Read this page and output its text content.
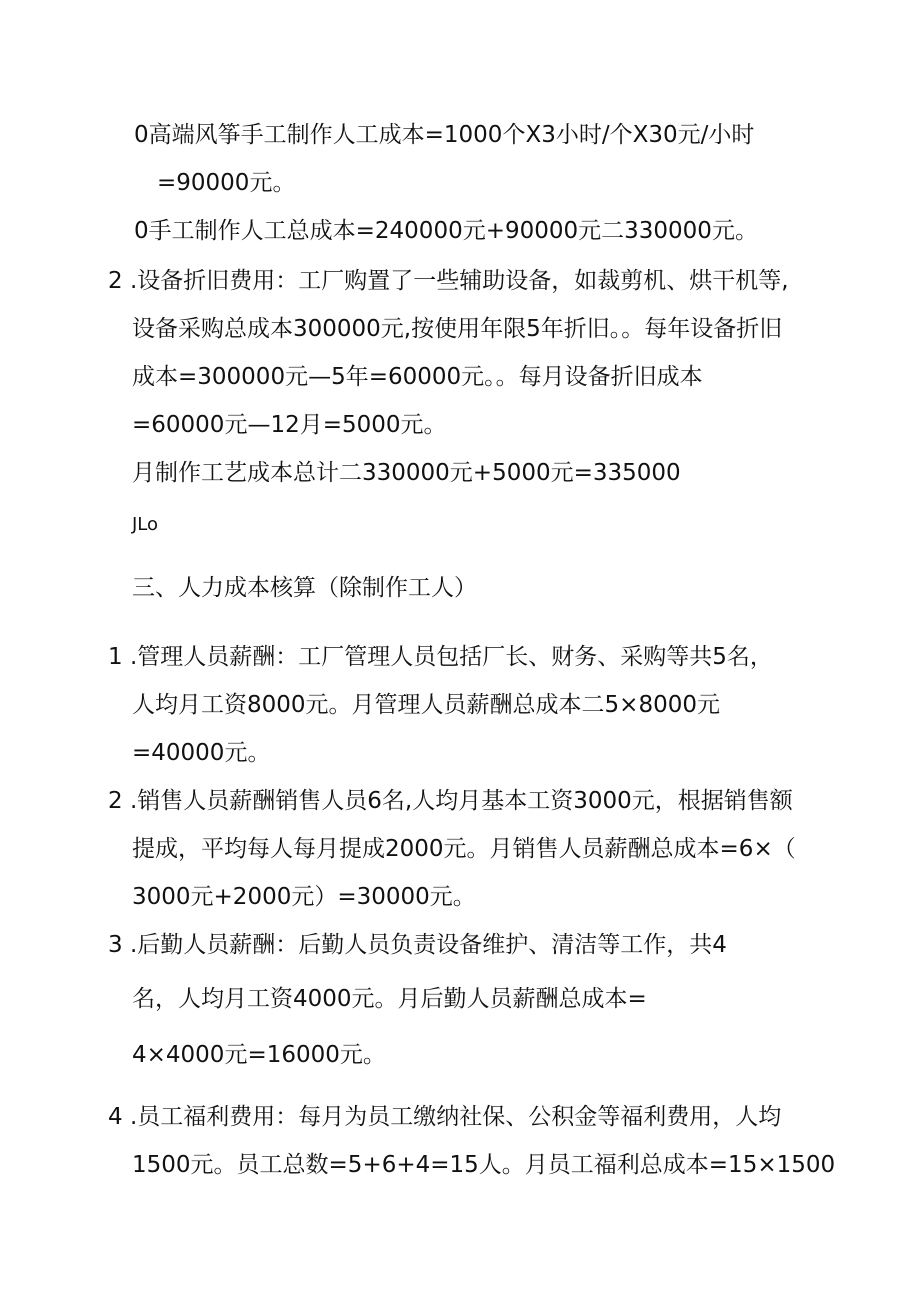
0高端风筝手工制作人工成本=1000个X3小时/个X30元/小时
=90000元。
0手工制作人工总成本=240000元+90000元二330000元。
2 .设备折旧费用：工厂购置了一些辅助设备，如裁剪机、烘干机等,
设备采购总成本300000元,按使用年限5年折旧。。每年设备折旧
成本=300000元—5年=60000元。。每月设备折旧成本
=60000元—12月=5000元。
月制作工艺成本总计二330000元+5000元=335000
JLo
三、人力成本核算（除制作工人）
1 .管理人员薪酬：工厂管理人员包括厂长、财务、采购等共5名，
人均月工资8000元。月管理人员薪酬总成本二5×8000元
=40000元。
2 .销售人员薪酬销售人员6名,人均月基本工资3000元，根据销售额
提成，平均每人每月提成2000元。月销售人员薪酬总成本=6×（
3000元+2000元）=30000元。
3 .后勤人员薪酬：后勤人员负责设备维护、清洁等工作，共4
名，人均月工资4000元。月后勤人员薪酬总成本=
4×4000元=16000元。
4 .员工福利费用：每月为员工缴纳社保、公积金等福利费用，人均
1500元。员工总数=5+6+4=15人。月员工福利总成本=15×1500
